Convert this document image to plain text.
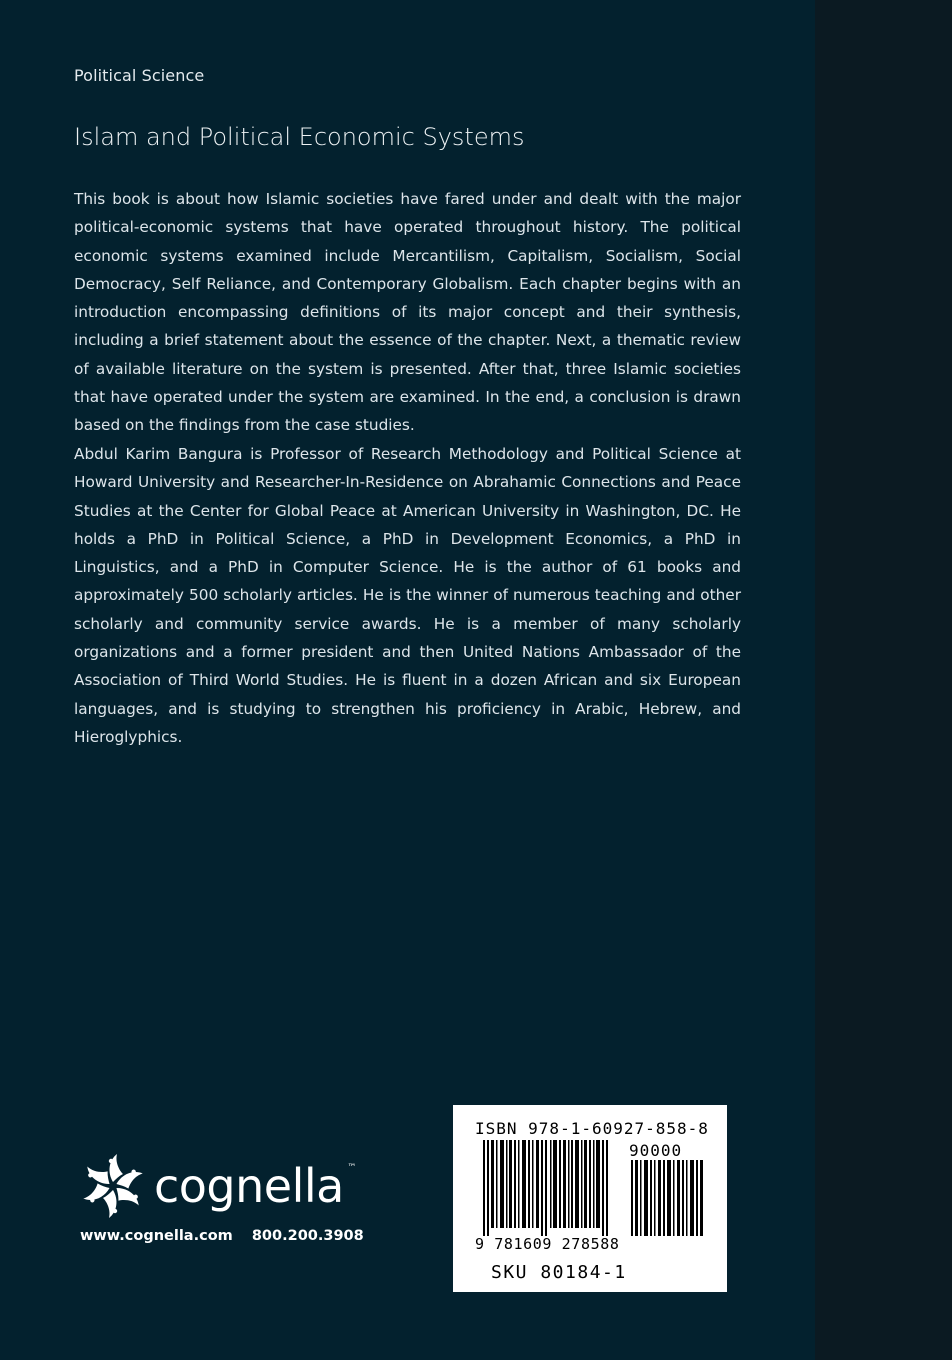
Political Science
Islam and Political Economic Systems

This book is about how Islamic societies have fared under and dealt with the major political-economic systems that have operated throughout history. The political economic systems examined include Mercantilism, Capitalism, Socialism, Social Democracy, Self Reliance, and Contemporary Globalism. Each chapter begins with an introduction encompassing definitions of its major concept and their synthesis, including a brief statement about the essence of the chapter. Next, a thematic review of available literature on the system is presented. After that, three Islamic societies that have operated under the system are examined. In the end, a conclusion is drawn based on the findings from the case studies.

Abdul Karim Bangura is Professor of Research Methodology and Political Science at Howard University and Researcher-In-Residence on Abrahamic Connections and Peace Studies at the Center for Global Peace at American University in Washington, DC. He holds a PhD in Political Science, a PhD in Development Economics, a PhD in Linguistics, and a PhD in Computer Science. He is the author of 61 books and approximately 500 scholarly articles. He is the winner of numerous teaching and other scholarly and community service awards. He is a member of many scholarly organizations and a former president and then United Nations Ambassador of the Association of Third World Studies. He is fluent in a dozen African and six European languages, and is studying to strengthen his proficiency in Arabic, Hebrew, and Hieroglyphics.

cognella ™
www.cognella.com 800.200.3908
ISBN 978-1-60927-858-8
90000
9 781609 278588
SKU 80184-1
